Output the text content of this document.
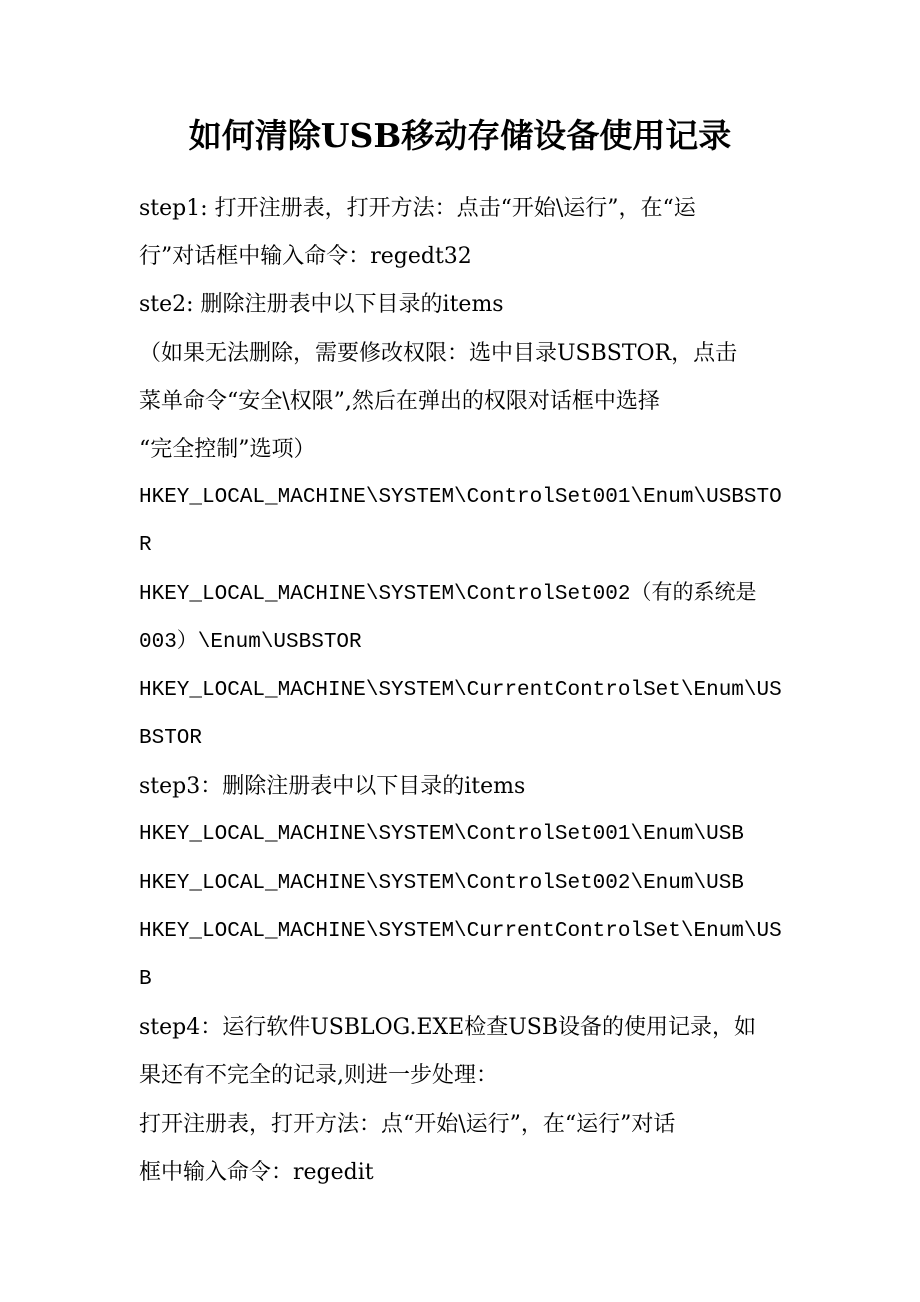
如何清除USB移动存储设备使用记录
step1: 打开注册表，打开方法：点击“开始\运行”，在“运
行”对话框中输入命令：regedt32
ste2: 删除注册表中以下目录的items
（如果无法删除，需要修改权限：选中目录USBSTOR，点击
菜单命令“安全\权限”,然后在弹出的权限对话框中选择
“完全控制”选项）
HKEY_LOCAL_MACHINE\SYSTEM\ControlSet001\Enum\USBSTO
R
HKEY_LOCAL_MACHINE\SYSTEM\ControlSet002（有的系统是
003）\Enum\USBSTOR
HKEY_LOCAL_MACHINE\SYSTEM\CurrentControlSet\Enum\US
BSTOR
step3：删除注册表中以下目录的items
HKEY_LOCAL_MACHINE\SYSTEM\ControlSet001\Enum\USB
HKEY_LOCAL_MACHINE\SYSTEM\ControlSet002\Enum\USB
HKEY_LOCAL_MACHINE\SYSTEM\CurrentControlSet\Enum\US
B
step4：运行软件USBLOG.EXE检查USB设备的使用记录，如
果还有不完全的记录,则进一步处理：
打开注册表，打开方法：点“开始\运行”，在“运行”对话
框中输入命令：regedit
